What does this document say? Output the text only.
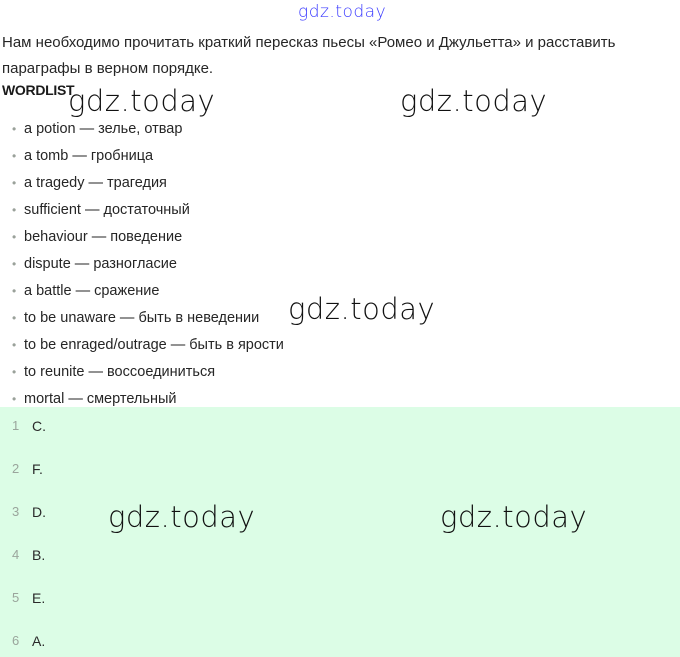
gdz.today
Нам необходимо прочитать краткий пересказ пьесы «Ромео и Джульетта» и расставить параграфы в верном порядке.
WORDLIST
• a potion — зелье, отвар
• a tomb — гробница
• a tragedy — трагедия
• sufficient — достаточный
• behaviour — поведение
• dispute — разногласие
• a battle — сражение
• to be unaware — быть в неведении
• to be enraged/outrage — быть в ярости
• to reunite — воссоединиться
• mortal — смертельный
1 C.
2 F.
3 D.
4 B.
5 E.
6 A.
gdz.today	gdz.today
gdz.today
gdz.today	gdz.today
